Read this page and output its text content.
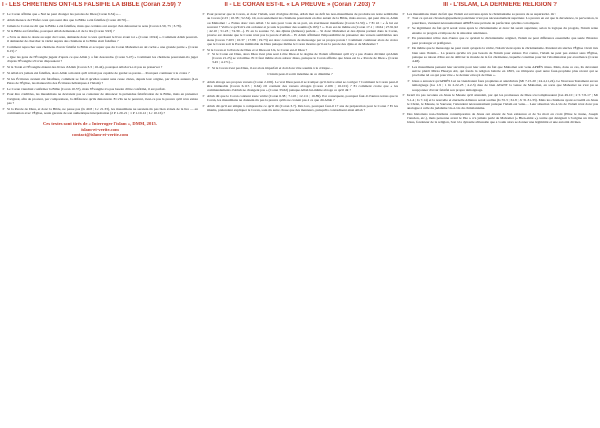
I - LES CHRÉTIENS ONT-ILS FALSIFIÉ LA BIBLE (Coran 2.59) ?
➢ Le Coran affirme que « Nul ne peut changer les paroles de Dieu (Coran 6.34) »…
➢ Allah menace de l'Enfer ceux qui osent dire que la Bible a été falsifiée (Coran 40.70)…
➢ Jamais le Coran ne dit que la Bible a été falsifiée, mais que certains ont essayé d'en détourner le sens (Coran 2.59, 75 ; 3.78).
➢ Si la Bible est falsifiée, pourquoi Allah demande-t-il de la lire (Coran 3.93) ?
➢ « Si tu as dans le doute au sujet du Coran, demande donc à ceux qui lisent le livre avant toi » (Coran 10.94) ». Comment Allah pourrait-il demander de chercher la vérité auprès des chrétiens si la Bible était falsifiée ?
➢ Comment reprocher aux chrétiens d'avoir falsifié la Bible et accepter que du Coran Mahomet en ait caché « une grande partie » (Coran 6.15) ?
➢ « Que les gens de l'Évangile jugent d'après ce que Allah y a fait descendre. (Coran 5.47) » Comment les chrétiens pourraient-ils juger d'après l'Évangile s'il n'en disposaient ?
➢ Si la Torah et l'Évangile étaient des livres d'Allah (Coran 3.3 ; 16.44), pourquoi Allah n'a-t-il pas su préserver ?
➢ Si Allah n'a jamais été falsifiés, alors Allah a montré qu'il n'était pas capable de garder sa parole… Pourquoi continuer à le croire ?
➢ Si les Écritures avaient été falsifiées, comment se fait-il qu'elles soient sans cesse citées, depuis leur origine, par divers auteurs (Les Pères de l'Église, les manuscrits des Écritures hébraïques à l'Islam) ?
➢ Le Coran viendrait confirmer la Bible (Coran 10.37), mais l'Évangile n'a pas besoin d'être confirmé, il est parfait.
➢ Pour être crédibles, les musulmans ne devraient pas se contenter de dénoncer la prétendue falsification de la Bible, mais en présenter l'original, afin de prouver, par comparaison, la différence qu'ils dénoncent. Et s'ils ne le peuvent, n'est-ce pas la preuve qu'il n'en existe pas ?
➢ Si la Parole de Dieu, et donc la Bible, ne passe pas (Is 40.8 ; Lc 21.33), les musulmans ne seraient-ils pas bien avisés de la lire — en communion avec l'Église, seule garante de son authentique interprétation (2 P 1.20-21 ; 1 P 1.10-12 ; Lc 10.16) ?
Ces textes sont tirés de « Interroger l'islam », DMM, 2015.
islam-et-verite.com
contact@islam-et-verite.com
II - LE CORAN EST-IL « LA PREUVE » (Coran 7.203) ?
➢ Pour prouver que le Coran, et donc l'islam, sont d'origine divine, Allah met au défi les non-musulmans de produire un texte semblable au Coran (2.23 ; 10.38 ; 52.34). Or, non seulement les chrétiens pourraient en dire autant de la Bible, mais encore, qui peut dire si, Allah ou Mahomet : « Faites donc vers Allah ! Je suis pour vous de sa part, un avertisseur manifeste (Coran 51.50) » ? Et ici : « À lui est souvent ? Voilà ce qu'il m'a été ordonné et je suis le premier des soumis (6.163) ? ». Il en est de même en (Coran 17.1 ; 19.64 ; 27.91,92 ; 42.10 ; 51.23 ; 74.30…). Et en la sourate 72, des djinns (démons) parlent… Si donc Mahomet et des djinns parlent dans le Coran, prouve est donnée que le Coran n'est pas la parole d'Allah… Et Allah affirmant l'impossibilité de présenter des versets semblables aux siens (Coran 7.203 ; 10.37 ; 17.88 ; 19.73) est donc convaincu de mensonge par sa propre parole ! Comment continuer alors de croire que le Coran soit la Parole inimitable de Dieu puisque même le Coran montre qu'il est la parole des djins et de Mahomet ?
➢ Si le Coran et la Parole de Dieu et si Dieu est Un, le Coran est-il Dieu ?
➢ Si le Coran est Dieu, alors Dieu n'est plus seul à être Dieu et le dogme de l'islam affirmant qu'il n'y a pas d'autre divinité qu'Allah (Coran 21.25) se volatilise. Et il faut même alors adorer Jésus, puisque le Coran affirme que Jésus est la « Parole de Dieu » (Coran 3.45 ; 4.171)…
➢ Si le Coran n'est pas Dieu, il est alors imparfait et doit donc être soumis à la critique…
L'islam peut-il sortir indemne de ce dilemme ?
➢ Allah abroge ses propres versets (Coran 2.106). Le vrai Dieu peut-il se tromper qu'il doive ainsi se corriger ? Comment le Coran peut-il être immuable (Coran 6.115 ; 6.64) s'il contient des versets abrogés (Coran 2.106 ; 16.101) ? Et comment croire que « les commandements d'Allah ne changent pas » (Coran 33.62) puisque Allah lui-même abroge ce qu'il dit ?
➢ Allah dit que le Coran contient toute vérité (Coran 6.38 ; 7.145 ; 12.111 ; 16.89). Par conséquent, pourquoi faut-il d'autres textes que le Coran, les musulmans ne donnent-ils pas la preuve qu'ils ne croient pas à ce que dit Allah ?
➢ Allah dit qu'il est simple à comprendre ce qu'il dit (Coran 3.7). Dès lors, pourquoi faut-il 17 ans de préparation pour le Coran ? Et les imams, prétendant expliquer le Coran, sont-ils autre chose que des menteurs, puisqu'ils contredisent ainsi Allah ?
III - L'ISLAM, LA DERNIÈRE RELIGION ?
➢ Les musulmans tirent du fait que l'islam est survenu après le christianisme sa preuve de sa supériorité. Or :
➢ Tout ce qui est chronologiquement postérieur n'est pas nécessairement supérieur. La preuve en est que la décadence, la perversion, la pourriture, viennent nécessairement APRÈS une période de perfection qu'elles corrompent.
➢ Se légitimant du fait qu'il serait venu après le christianisme et donc lui serait supérieur, selon la logique du progrès, l'islam renie ensuite ce progrès et impose de la situation antérieure.
➢ En prétendant n'être rien d'autre que ce qu'était le christianisme originel, l'islam ne peut différence essentielle que seule l'histoire peut prolonger et préfigurer.
➢ De même que le mensonge ne peut venir qu'après la vérité, l'islam vient après le christianisme. Pendant six siècles l'Église vivait très bien sans l'islam… La preuve qu'elle n'a pas besoin de l'islam pour exister. Par contre, l'islam ne peut pas exister sans l'Église, puisque sa raison d'être est de délivrer le monde de la foi chrétienne, laquelle constitue pour lui l'abomination par excellence (Coran 4.48).
➢ Les musulmans pensent leur sécurité pour leur salut du fait que Mahomet soit venu APRÈS Jésus. Mais, dans ce cas, ils devraient suivre plutôt Mirza Husayn Ali, qui fonda la religion baha'ie en 1863, ou n'importe quel autre faux-prophète plus récent qui se proclame tel ou qui pour être « le dernier envoyé de Dieu ».
➢ Jésus a annoncé qu'APRÈS Lui ne viendraient faux prophètes et antéchrists (Mt 7.15-20 ; 24.4,11,24). Le Nouveau Testament est un témoignage (Ga 1.9 ; 1 Jn 2.22-23 ; 4.2-3) date de bien AVANT la venue de Mahomet, en sorte que Mahomet ne s'est pu se soupçonner d'avoir falsifié son propre témoignage.
➢ Israël n'a pas reconnu en Jésus le Messie qu'il attendait, par qui les promesses de Dieu s'accomplissaient (Gn 49.10 ; 2 S 7.8-17 ; Mt 5.1-4 ; Is 7.14) et la nouvelle et éternelle Alliance serait scellée (Is 55.3 ; 61.8 ; Jr 31.31-33). Mais les chrétiens ayant accueilli en Jésus le Christ, le Messie, le Sauveur, l'attendent nécessairement puisque l'islam est venu… Leur situation vis-à-vis de l'islam n'est donc pas analogue à celle du judaïsme vis-à-vis du christianisme.
➢ Des historiens non-chrétiens contemporains de Jésus ont attesté de Son existence et de Sa mort en croix (Pline le Jeune, Joseph l'Ancien, etc.), mais personne avant le IXe s. n'a jamais parlé de Mahomet (« Bien-aimé »), terme qui désignait à l'origine un titre de Jésus, fondateur de la religion, l'est à la dynastie abbasside que a voulu alors se donner une légitimité et une autorité divines.
